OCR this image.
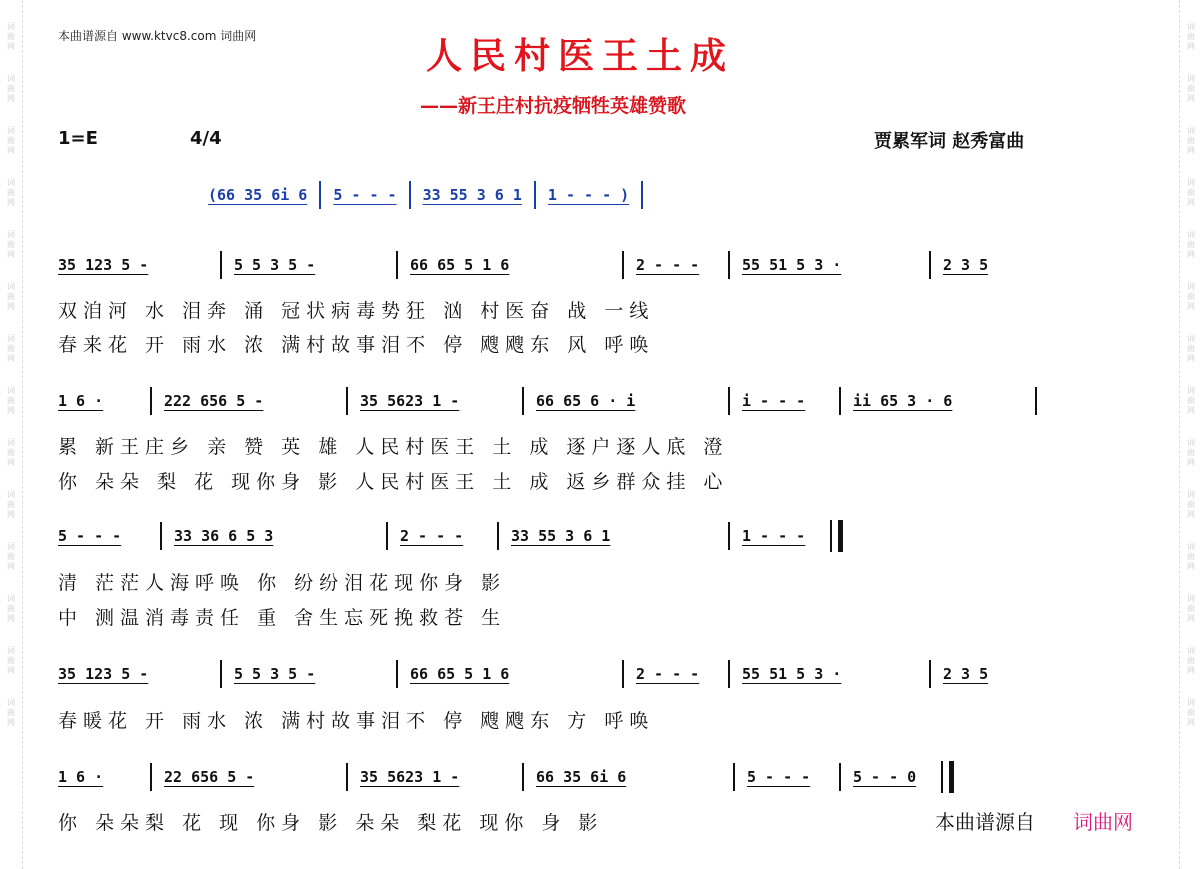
词曲网
词曲网
词曲网
词曲网
词曲网
词曲网
词曲网
词曲网
词曲网
词曲网
词曲网
词曲网
词曲网
词曲网
词曲网
词曲网
词曲网
词曲网
词曲网
词曲网
词曲网
词曲网
词曲网
词曲网
词曲网
词曲网
词曲网
词曲网
本曲谱源自 www.ktvc8.com 词曲网	人民村医王土成
——新王庄村抗疫牺牲英雄赞歌
1=E	4/4	贾累军词 赵秀富曲
(66 35 6i 6 5 - - - 33 55 3 6 1 1 - - - )
35 123 5 -	5 5 3 5 -	66 65 5 1 6	2 - - -	55 51 5 3 ·	2 3 5
双洎河 水 泪奔 涌 冠状病毒势狂 汹 村医奋 战 一线
春来花 开 雨水 浓 满村故事泪不 停 飕飕东 风 呼唤
1 6 ·	222 656 5 -	35 5623 1 -	66 65 6 · i	i - - -	ii 65 3 · 6
累 新王庄乡 亲 赞 英 雄 人民村医王 土 成 逐户逐人底 澄
你 朵朵 梨 花 现你身 影 人民村医王 土 成 返乡群众挂 心
5 - - -	33 36 6 5 3	2 - - -	33 55 3 6 1	1 - - -
清 茫茫人海呼唤 你 纷纷泪花现你身 影
中 测温消毒责任 重 舍生忘死挽救苍 生
35 123 5 -	5 5 3 5 -	66 65 5 1 6	2 - - -	55 51 5 3 ·	2 3 5
春暖花 开 雨水 浓 满村故事泪不 停 飕飕东 方 呼唤
1 6 ·	22 656 5 -	35 5623 1 -	66 35 6i 6	5 - - -	5 - - 0
你 朵朵梨 花 现 你身 影 朵朵 梨花 现你 身 影	本曲谱源自 词曲网
